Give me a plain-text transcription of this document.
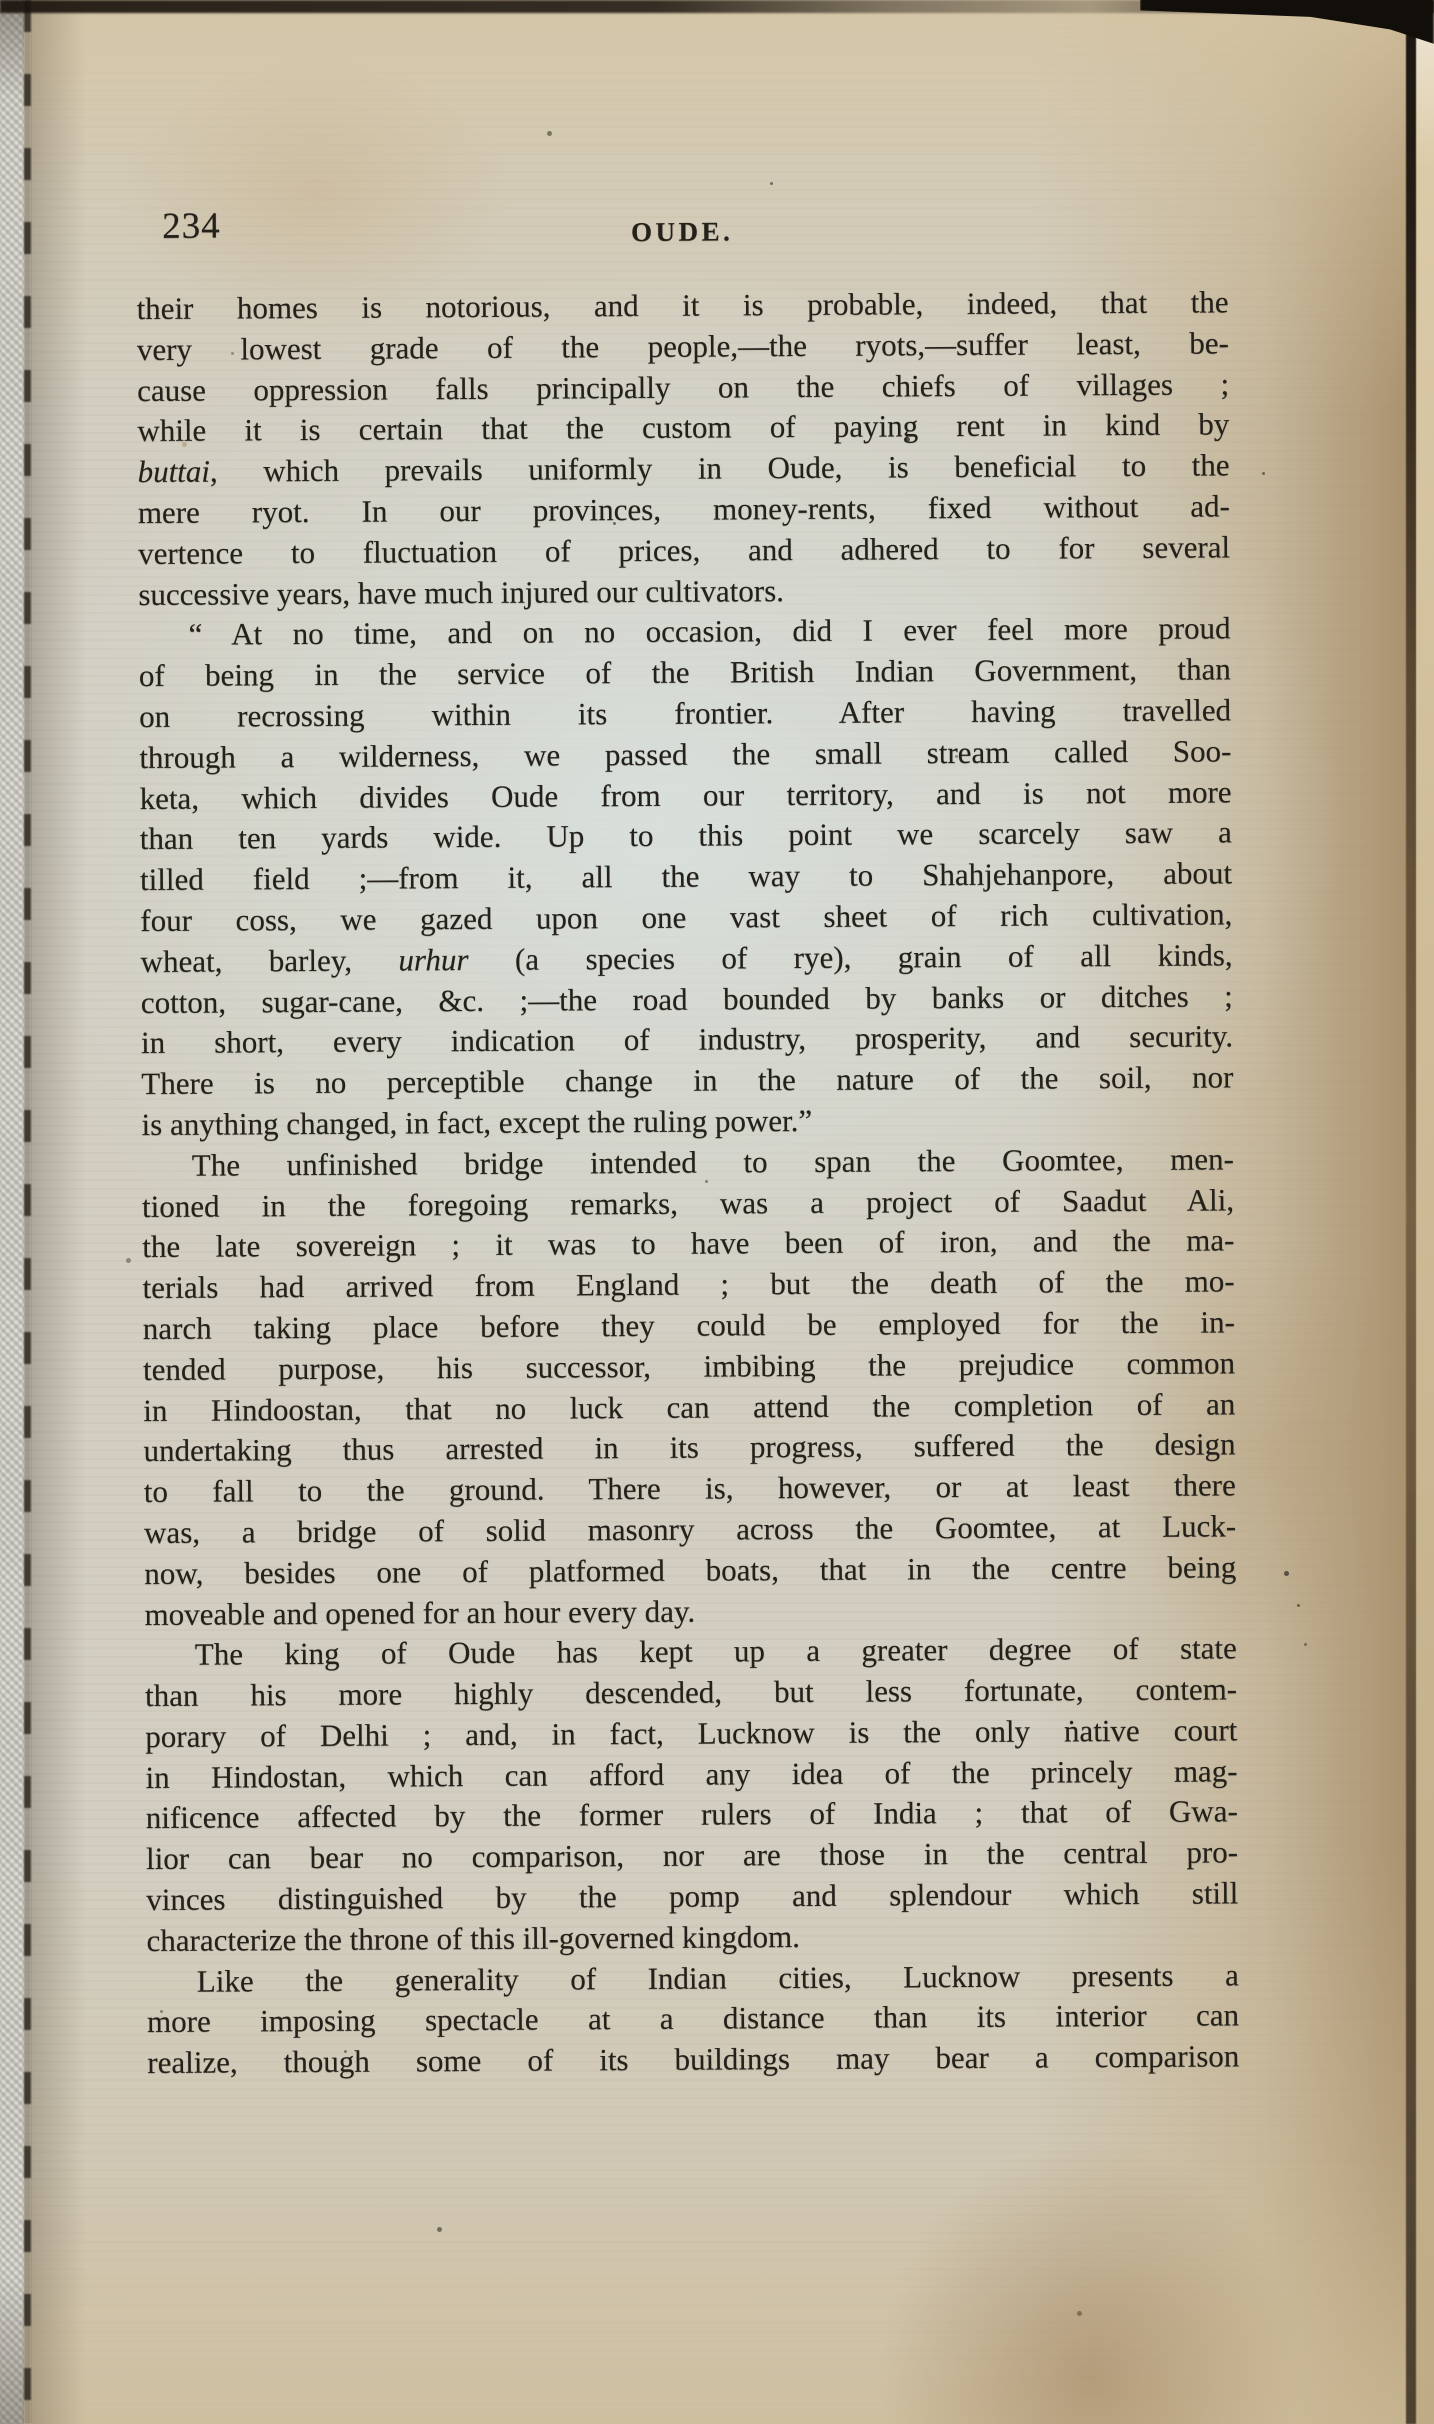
234	OUDE.
their homes is notorious, and it is probable, indeed, that the
very lowest grade of the people,—the ryots,—suffer least, be-
cause oppression falls principally on the chiefs of villages ;
while it is certain that the custom of paying rent in kind by
buttai, which prevails uniformly in Oude, is beneficial to the
mere ryot. In our provinces, money-rents, fixed without ad-
vertence to fluctuation of prices, and adhered to for several
successive years, have much injured our cultivators.
“ At no time, and on no occasion, did I ever feel more proud
of being in the service of the British Indian Government, than
on recrossing within its frontier. After having travelled
through a wilderness, we passed the small stream called Soo-
keta, which divides Oude from our territory, and is not more
than ten yards wide. Up to this point we scarcely saw a
tilled field ;—from it, all the way to Shahjehanpore, about
four coss, we gazed upon one vast sheet of rich cultivation,
wheat, barley, urhur (a species of rye), grain of all kinds,
cotton, sugar-cane, &c. ;—the road bounded by banks or ditches ;
in short, every indication of industry, prosperity, and security.
There is no perceptible change in the nature of the soil, nor
is anything changed, in fact, except the ruling power.”
The unfinished bridge intended to span the Goomtee, men-
tioned in the foregoing remarks, was a project of Saadut Ali,
the late sovereign ; it was to have been of iron, and the ma-
terials had arrived from England ; but the death of the mo-
narch taking place before they could be employed for the in-
tended purpose, his successor, imbibing the prejudice common
in Hindoostan, that no luck can attend the completion of an
undertaking thus arrested in its progress, suffered the design
to fall to the ground. There is, however, or at least there
was, a bridge of solid masonry across the Goomtee, at Luck-
now, besides one of platformed boats, that in the centre being
moveable and opened for an hour every day.
The king of Oude has kept up a greater degree of state
than his more highly descended, but less fortunate, contem-
porary of Delhi ; and, in fact, Lucknow is the only ṅative court
in Hindostan, which can afford any idea of the princely mag-
nificence affected by the former rulers of India ; that of Gwa-
lior can bear no comparison, nor are those in the central pro-
vinces distinguished by the pomp and splendour which still
characterize the throne of this ill-governed kingdom.
Like the generality of Indian cities, Lucknow presents a
more imposing spectacle at a distance than its interior can
realize, though some of its buildings may bear a comparison
